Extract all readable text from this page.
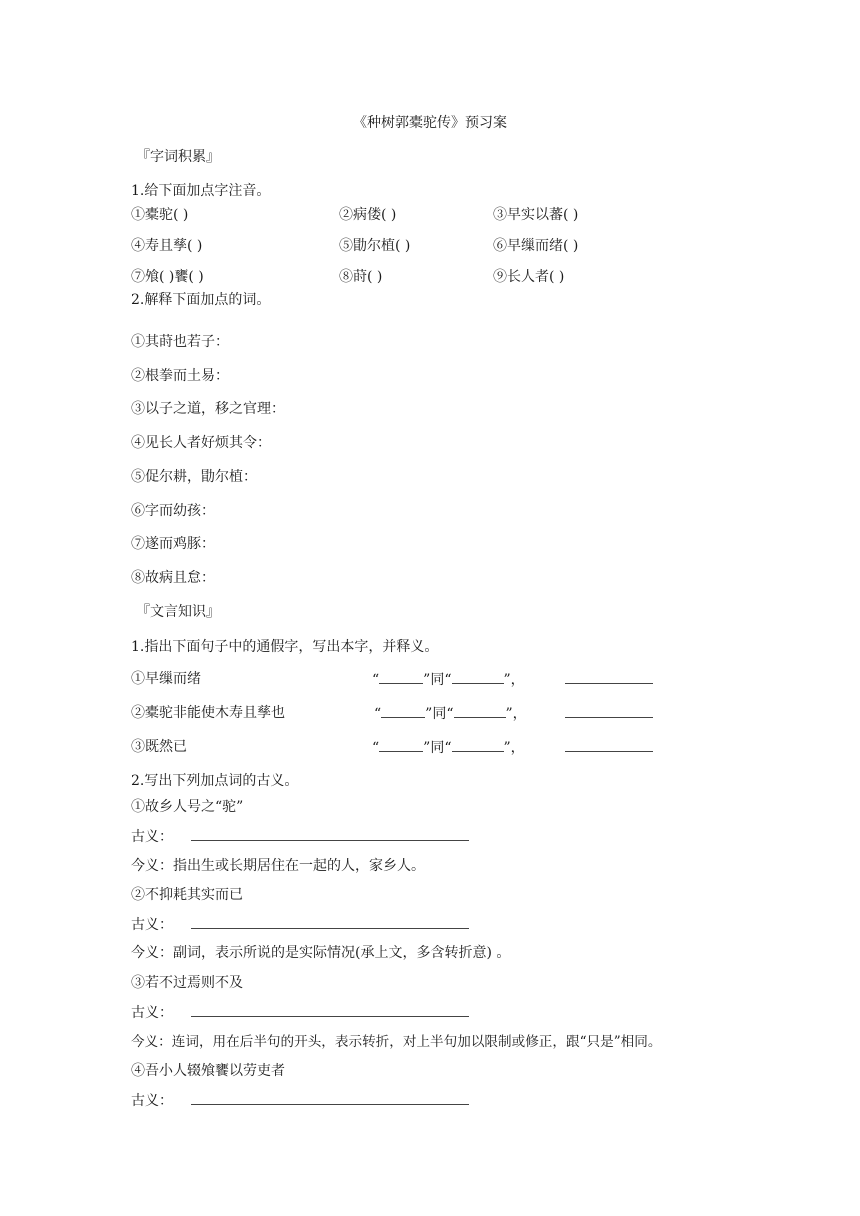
《种树郭橐驼传》预习案
『字词积累』
1.给下面加点字注音。
①橐驼( )	②病偻( )	③早实以蕃( )
④寿且孳( )	⑤勖尔植( )	⑥早缫而绪( )
⑦飧( )饔( )	⑧莳( )	⑨长人者( )
2.解释下面加点的词。
①其莳也若子：
②根拳而土易：
③以子之道，移之官理：
④见长人者好烦其令：
⑤促尔耕，勖尔植：
⑥字而幼孩：
⑦遂而鸡豚：
⑧故病且怠：
『文言知识』
1.指出下面句子中的通假字，写出本字，并释义。
①早缫而绪	“	”同“	”，
②橐驼非能使木寿且孳也	“	”同“	”，
③既然已	“	”同“	”，
2.写出下列加点词的古义。
①故乡人号之“驼”
古义：
今义：指出生或长期居住在一起的人，家乡人。
②不抑耗其实而已
古义：
今义：副词，表示所说的是实际情况(承上文，多含转折意) 。
③若不过焉则不及
古义：
今义：连词，用在后半句的开头，表示转折，对上半句加以限制或修正，跟“只是”相同。
④吾小人辍飧饔以劳吏者
古义：
